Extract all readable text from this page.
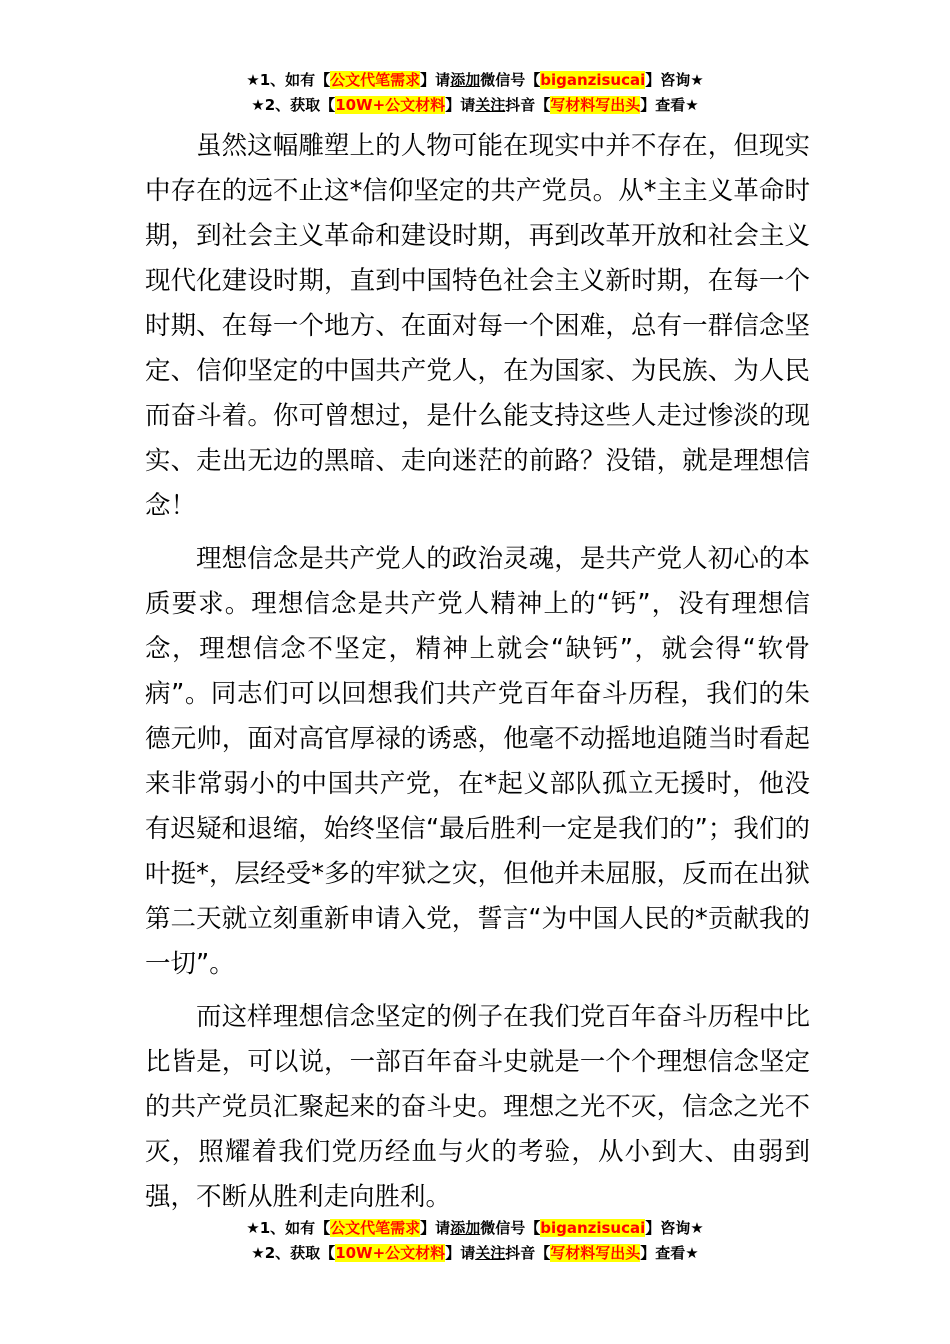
★1、如有【公文代笔需求】请添加微信号【biganzisucai】咨询★
★2、获取【10W+公文材料】请关注抖音【写材料写出头】查看★

虽然这幅雕塑上的人物可能在现实中并不存在，但现实中存在的远不止这*信仰坚定的共产党员。从*主主义革命时期，到社会主义革命和建设时期，再到改革开放和社会主义现代化建设时期，直到中国特色社会主义新时期，在每一个时期、在每一个地方、在面对每一个困难，总有一群信念坚定、信仰坚定的中国共产党人，在为国家、为民族、为人民而奋斗着。你可曾想过，是什么能支持这些人走过惨淡的现实、走出无边的黑暗、走向迷茫的前路？没错，就是理想信念！

理想信念是共产党人的政治灵魂，是共产党人初心的本质要求。理想信念是共产党人精神上的“钙”，没有理想信念，理想信念不坚定，精神上就会“缺钙”，就会得“软骨病”。同志们可以回想我们共产党百年奋斗历程，我们的朱德元帅，面对高官厚禄的诱惑，他毫不动摇地追随当时看起来非常弱小的中国共产党，在*起义部队孤立无援时，他没有迟疑和退缩，始终坚信“最后胜利一定是我们的”；我们的叶挺*，层经受*多的牢狱之灾，但他并未屈服，反而在出狱第二天就立刻重新申请入党，誓言“为中国人民的*贡献我的一切”。

而这样理想信念坚定的例子在我们党百年奋斗历程中比比皆是，可以说，一部百年奋斗史就是一个个理想信念坚定的共产党员汇聚起来的奋斗史。理想之光不灭，信念之光不灭，照耀着我们党历经血与火的考验，从小到大、由弱到强，不断从胜利走向胜利。

★1、如有【公文代笔需求】请添加微信号【biganzisucai】咨询★
★2、获取【10W+公文材料】请关注抖音【写材料写出头】查看★
